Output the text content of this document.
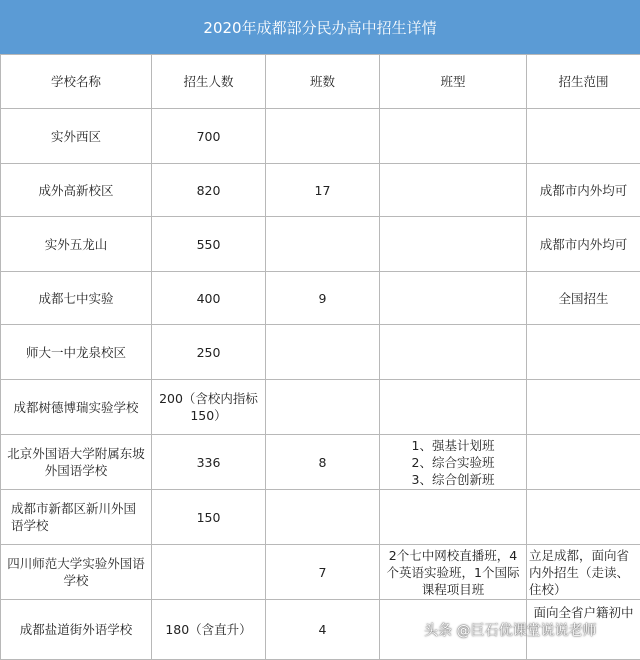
2020年成都部分民办高中招生详情
学校名称	招生人数	班数	班型	招生范围
实外西区	700			
成外高新校区	820	17		成都市内外均可
实外五龙山	550			成都市内外均可
成都七中实验	400	9		全国招生
师大一中龙泉校区	250			
成都树德博瑞实验学校	200（含校内指标150）			
北京外国语大学附属东坡外国语学校	336	8	1、强基计划班
2、综合实验班
3、综合创新班	
成都市新都区新川外国语学校	150			
四川师范大学实验外国语学校		7	2个七中网校直播班，4个英语实验班，1个国际课程项目班	立足成都，面向省内外招生（走读、住校）
成都盐道街外语学校	180（含直升）	4		面向全省户籍初中
头条 @巨石优课堂说说老师
